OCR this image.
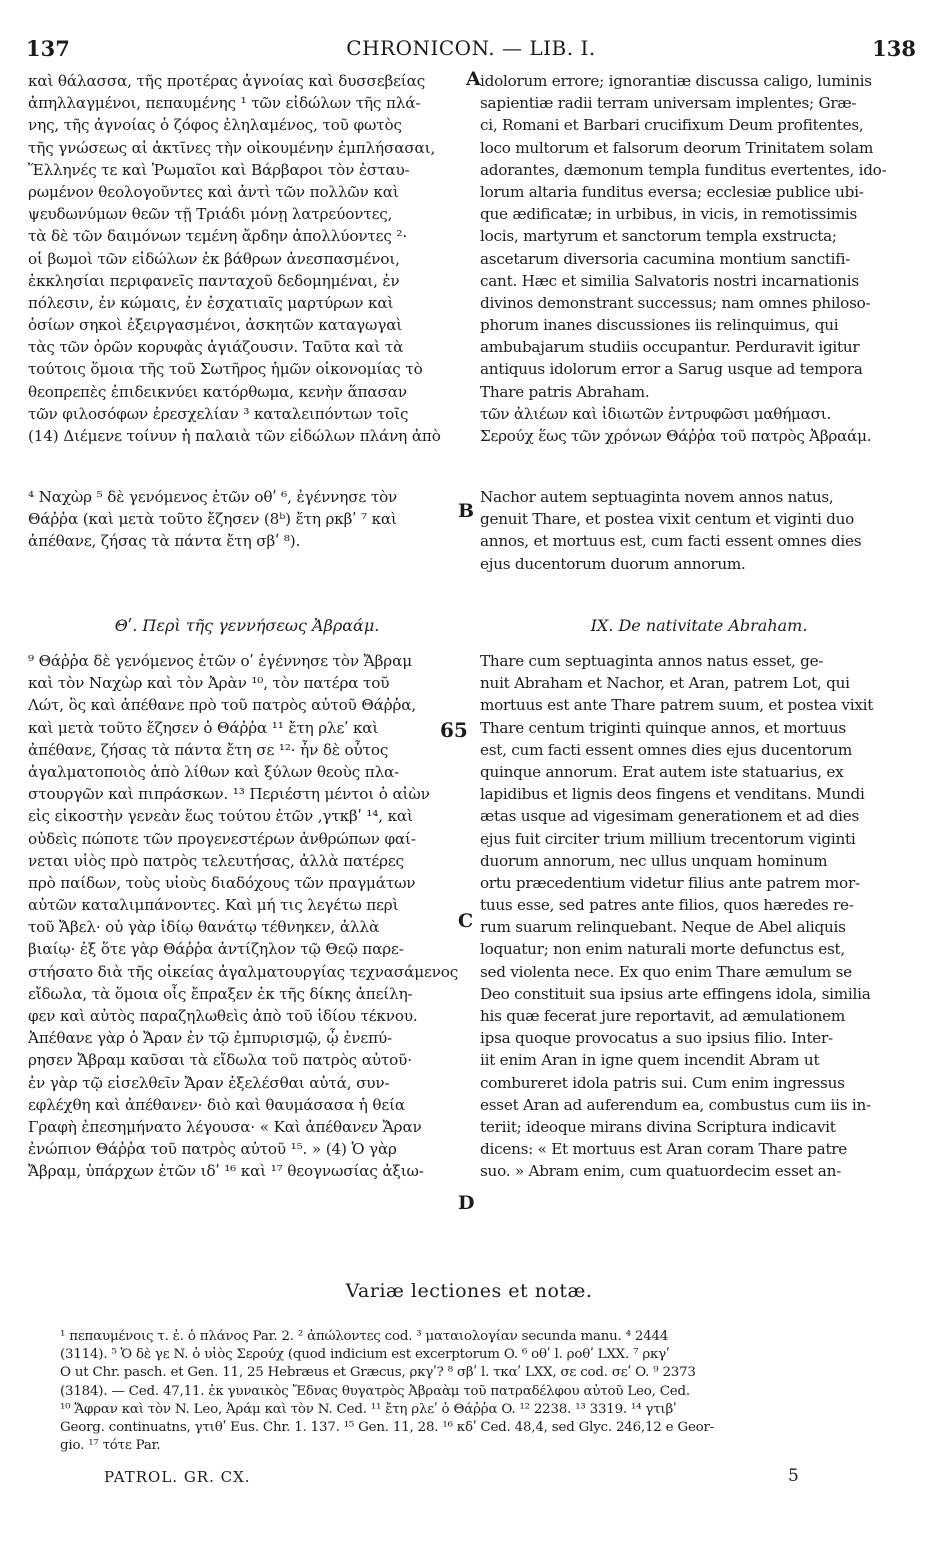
137	CHRONICON. — LIB. I.	138
καὶ θάλασσα, τῆς προτέρας ἀγνοίας καὶ δυσσεβείας
ἀπηλλαγμένοι, πεπαυμένης ¹ τῶν εἰδώλων τῆς πλά-
νης, τῆς ἀγνοίας ὁ ζόφος ἐληλαμένος, τοῦ φωτὸς
τῆς γνώσεως αἱ ἀκτῖνες τὴν οἰκουμένην ἐμπλήσασαι,
Ἕλληνές τε καὶ Ῥωμαῖοι καὶ Βάρβαροι τὸν ἐσταυ-
ρωμένον θεολογοῦντες καὶ ἀντὶ τῶν πολλῶν καὶ
ψευδωνύμων θεῶν τῇ Τριάδι μόνῃ λατρεύοντες,
τὰ δὲ τῶν δαιμόνων τεμένη ἄρδην ἀπολλύοντες ²·
οἱ βωμοὶ τῶν εἰδώλων ἐκ βάθρων ἀνεσπασμένοι,
ἐκκλησίαι περιφανεῖς πανταχοῦ δεδομημέναι, ἐν
πόλεσιν, ἐν κώμαις, ἐν ἐσχατιαῖς μαρτύρων καὶ
ὁσίων σηκοὶ ἐξειργασμένοι, ἀσκητῶν καταγωγαὶ
τὰς τῶν ὀρῶν κορυφὰς ἁγιάζουσιν. Ταῦτα καὶ τὰ
τούτοις ὅμοια τῆς τοῦ Σωτῆρος ἡμῶν οἰκονομίας τὸ
θεοπρεπὲς ἐπιδεικνύει κατόρθωμα, κενὴν ἅπασαν
τῶν φιλοσόφων ἐρεσχελίαν ³ καταλειπόντων τοῖς
(14) Διέμενε τοίνυν ἡ παλαιὰ τῶν εἰδώλων πλάνη ἀπὸ
idolorum errore; ignorantiæ discussa caligo, luminis
sapientiæ radii terram universam implentes; Græ-
ci, Romani et Barbari crucifixum Deum profitentes,
loco multorum et falsorum deorum Trinitatem solam
adorantes, dæmonum templa funditus evertentes, ido-
lorum altaria funditus eversa; ecclesiæ publice ubi-
que ædificatæ; in urbibus, in vicis, in remotissimis
locis, martyrum et sanctorum templa exstructa;
ascetarum diversoria cacumina montium sanctifi-
cant. Hæc et similia Salvatoris nostri incarnationis
divinos demonstrant successus; nam omnes philoso-
phorum inanes discussiones iis relinquimus, qui
ambubajarum studiis occupantur. Perduravit igitur
antiquus idolorum error a Sarug usque ad tempora
Thare patris Abraham.
τῶν ἀλιέων καὶ ἰδιωτῶν ἐντρυφῶσι μαθήμασι.
Σερούχ ἕως τῶν χρόνων Θάῤῥα τοῦ πατρὸς Ἀβραάμ.
A
⁴ Ναχὼρ ⁵ δὲ γενόμενος ἐτῶν οθʹ ⁶, ἐγέννησε τὸν
Θάῤῥα (καὶ μετὰ τοῦτο ἔζησεν (8ᵇ) ἔτη ρκβʹ ⁷ καὶ
ἀπέθανε, ζήσας τὰ πάντα ἔτη σβʹ ⁸).
Nachor autem septuaginta novem annos natus,
genuit Thare, et postea vixit centum et viginti duo
annos, et mortuus est, cum facti essent omnes dies
ejus ducentorum duorum annorum.
B
Θʹ. Περὶ τῆς γεννήσεως Ἀβραάμ.	IX. De nativitate Abraham.
⁹ Θάῤῥα δὲ γενόμενος ἐτῶν οʹ ἐγέννησε τὸν Ἄβραμ
καὶ τὸν Ναχὼρ καὶ τὸν Ἀρὰν ¹⁰, τὸν πατέρα τοῦ
Λώτ, ὃς καὶ ἀπέθανε πρὸ τοῦ πατρὸς αὐτοῦ Θάῤῥα,
καὶ μετὰ τοῦτο ἔζησεν ὁ Θάῤῥα ¹¹ ἔτη ρλεʹ καὶ
ἀπέθανε, ζήσας τὰ πάντα ἔτη σε ¹²· ἦν δὲ οὗτος
ἀγαλματοποιὸς ἀπὸ λίθων καὶ ξύλων θεοὺς πλα-
στουργῶν καὶ πιπράσκων. ¹³ Περιέστη μέντοι ὁ αἰὼν
εἰς εἰκοστὴν γενεὰν ἕως τούτου ἐτῶν ,γτκβʹ ¹⁴, καὶ
οὐδεὶς πώποτε τῶν προγενεστέρων ἀνθρώπων φαί-
νεται υἱὸς πρὸ πατρὸς τελευτήσας, ἀλλὰ πατέρες
πρὸ παίδων, τοὺς υἱοὺς διαδόχους τῶν πραγμάτων
αὐτῶν καταλιμπάνοντες. Καὶ μή τις λεγέτω περὶ
τοῦ Ἄβελ· οὐ γὰρ ἰδίῳ θανάτῳ τέθνηκεν, ἀλλὰ
βιαίῳ· ἐξ ὅτε γὰρ Θάῤῥα ἀντίζηλον τῷ Θεῷ παρε-
στήσατο διὰ τῆς οἰκείας ἀγαλματουργίας τεχνασάμενος
εἴδωλα, τὰ ὅμοια οἷς ἔπραξεν ἐκ τῆς δίκης ἀπείλη-
φεν καὶ αὐτὸς παραζηλωθεὶς ἀπὸ τοῦ ἰδίου τέκνου.
Ἀπέθανε γὰρ ὁ Ἄραν ἐν τῷ ἐμπυρισμῷ, ᾧ ἐνεπύ-
ρησεν Ἄβραμ καῦσαι τὰ εἴδωλα τοῦ πατρὸς αὐτοῦ·
ἐν γὰρ τῷ εἰσελθεῖν Ἄραν ἐξελέσθαι αὐτά, συν-
εφλέχθη καὶ ἀπέθανεν· διὸ καὶ θαυμάσασα ἡ θεία
Γραφὴ ἐπεσημήνατο λέγουσα· « Καὶ ἀπέθανεν Ἄραν
ἐνώπιον Θάῤῥα τοῦ πατρὸς αὐτοῦ ¹⁵. » (4) Ὁ γὰρ
Ἄβραμ, ὑπάρχων ἐτῶν ιδʹ ¹⁶ καὶ ¹⁷ θεογνωσίας ἀξιω-
Thare cum septuaginta annos natus esset, ge-
nuit Abraham et Nachor, et Aran, patrem Lot, qui
mortuus est ante Thare patrem suum, et postea vixit
Thare centum triginti quinque annos, et mortuus
est, cum facti essent omnes dies ejus ducentorum
quinque annorum. Erat autem iste statuarius, ex
lapidibus et lignis deos fingens et venditans. Mundi
ætas usque ad vigesimam generationem et ad dies
ejus fuit circiter trium millium trecentorum viginti
duorum annorum, nec ullus unquam hominum
ortu præcedentium videtur filius ante patrem mor-
tuus esse, sed patres ante filios, quos hæredes re-
rum suarum relinquebant. Neque de Abel aliquis
loquatur; non enim naturali morte defunctus est,
sed violenta nece. Ex quo enim Thare æmulum se
Deo constituit sua ipsius arte effingens idola, similia
his quæ fecerat jure reportavit, ad æmulationem
ipsa quoque provocatus a suo ipsius filio. Inter-
iit enim Aran in igne quem incendit Abram ut
combureret idola patris sui. Cum enim ingressus
esset Aran ad auferendum ea, combustus cum iis in-
teriit; ideoque mirans divina Scriptura indicavit
dicens: « Et mortuus est Aran coram Thare patre
suo. » Abram enim, cum quatuordecim esset an-
65
C
D
Variæ lectiones et notæ.
¹ πεπαυμένοις τ. ἐ. ὁ πλάνος Par. 2. ² ἀπώλοντες cod. ³ ματαιολογίαν secunda manu. ⁴ 2444
(3114). ⁵ Ὁ δὲ γε N. ὁ υἱὸς Σερούχ (quod indicium est excerptorum O. ⁶ οθʹ l. ροθʹ LXX. ⁷ ρκγʹ
O ut Chr. pasch. et Gen. 11, 25 Hebræus et Græcus, ρκγʹ? ⁸ σβʹ l. τκαʹ LXX, σε cod. σεʹ O. ⁹ 2373
(3184). — Ced. 47,11. ἐκ γυναικὸς Ἔδνας θυγατρὸς Ἀβραὰμ τοῦ πατραδέλφου αὐτοῦ Leo, Ced.
¹⁰ Ἄφραν καὶ τὸν N. Leo, Ἀράμ καὶ τὸν N. Ced. ¹¹ ἔτη ρλεʹ ὁ Θάῤῥα O. ¹² 2238. ¹³ 3319. ¹⁴ γτιβʹ
Georg. continuatns, γτιθʹ Eus. Chr. 1. 137. ¹⁵ Gen. 11, 28. ¹⁶ κδʹ Ced. 48,4, sed Glyc. 246,12 e Geor-
gio. ¹⁷ τότε Par.
PATROL. GR. CX.	5
